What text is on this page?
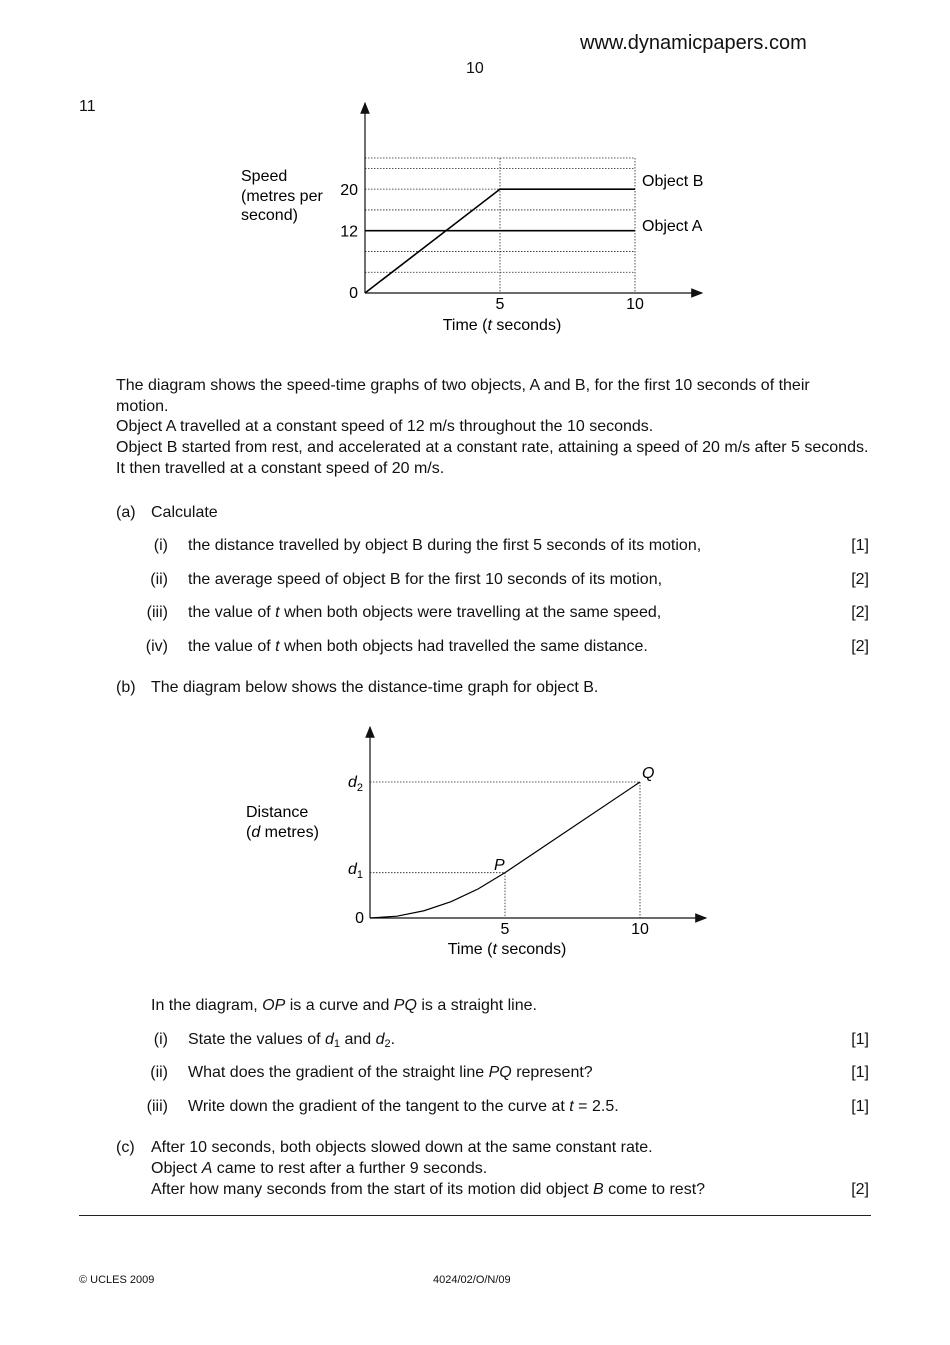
www.dynamicpapers.com
10
11
0
12
20
5	10
Speed
(metres per
second)
Object B
Object A
Time (t seconds)
The diagram shows the speed-time graphs of two objects, A and B, for the first 10 seconds of their
motion.
Object A travelled at a constant speed of 12 m/s throughout the 10 seconds.
Object B started from rest, and accelerated at a constant rate, attaining a speed of 20 m/s after 5 seconds.
It then travelled at a constant speed of 20 m/s.
(a) Calculate
(i) the distance travelled by object B during the first 5 seconds of its motion,	[1]
(ii) the average speed of object B for the first 10 seconds of its motion,	[2]
(iii) the value of t when both objects were travelling at the same speed,	[2]
(iv) the value of t when both objects had travelled the same distance.	[2]
(b) The diagram below shows the distance-time graph for object B.
0
5	10
Distance
(d metres)
$d_2$
$d_1$
P
Q
Time (t seconds)
In the diagram, OP is a curve and PQ is a straight line.
(i) State the values of $d_1$ and $d_2$.	[1]
(ii) What does the gradient of the straight line PQ represent?	[1]
(iii) Write down the gradient of the tangent to the curve at t = 2.5.	[1]
(c) After 10 seconds, both objects slowed down at the same constant rate.
Object A came to rest after a further 9 seconds.
After how many seconds from the start of its motion did object B come to rest?	[2]
© UCLES 2009	4024/02/O/N/09
